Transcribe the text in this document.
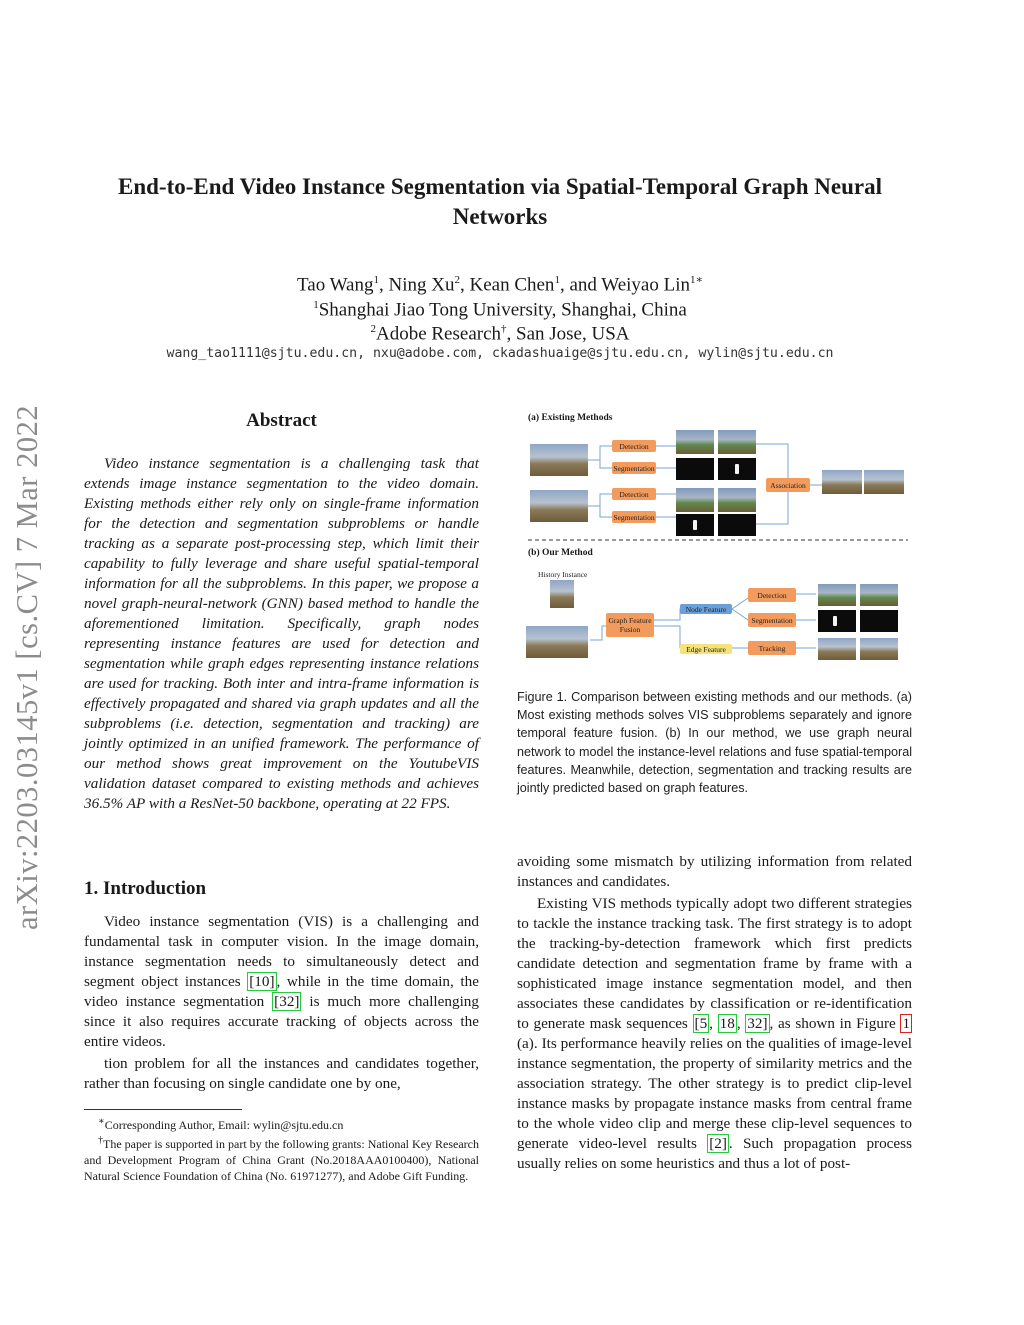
arXiv:2203.03145v1 [cs.CV] 7 Mar 2022
End-to-End Video Instance Segmentation via Spatial-Temporal Graph Neural Networks
Tao Wang$^1$, Ning Xu$^2$, Kean Chen$^1$, and Weiyao Lin$^{1∗}$
$^1$Shanghai Jiao Tong University, Shanghai, China
$^2$Adobe Research†, San Jose, USA
wang_tao1111@sjtu.edu.cn, nxu@adobe.com, ckadashuaige@sjtu.edu.cn, wylin@sjtu.edu.cn
Abstract

Video instance segmentation is a challenging task that extends image instance segmentation to the video domain. Existing methods either rely only on single-frame information for the detection and segmentation subproblems or handle tracking as a separate post-processing step, which limit their capability to fully leverage and share useful spatial-temporal information for all the subproblems. In this paper, we propose a novel graph-neural-network (GNN) based method to handle the aforementioned limitation. Specifically, graph nodes representing instance features are used for detection and segmentation while graph edges representing instance relations are used for tracking. Both inter and intra-frame information is effectively propagated and shared via graph updates and all the subproblems (i.e. detection, segmentation and tracking) are jointly optimized in an unified framework. The performance of our method shows great improvement on the YoutubeVIS validation dataset compared to existing methods and achieves 36.5% AP with a ResNet-50 backbone, operating at 22 FPS.

1. Introduction

Video instance segmentation (VIS) is a challenging and fundamental task in computer vision. In the image domain, instance segmentation needs to simultaneously detect and segment object instances [10] , while in the time domain, the video instance segmentation [32] is much more challenging since it also requires accurate tracking of objects across the entire videos.

tion problem for all the instances and candidates together, rather than focusing on single candidate one by one,

∗Corresponding Author, Email: wylin@sjtu.edu.cn

†The paper is supported in part by the following grants: National Key Research and Development Program of China Grant (No.2018AAA0100400), National Natural Science Foundation of China (No. 61971277), and Adobe Gift Funding.

(a) Existing Methods
Detection
Segmentation
Detection
Segmentation
Association
(b) Our Method
History Instance
Graph Feature Fusion
Node Feature
Edge Feature
Detection
Segmentation
Tracking
Figure 1. Comparison between existing methods and our methods. (a) Most existing methods solves VIS subproblems separately and ignore temporal feature fusion. (b) In our method, we use graph neural network to model the instance-level relations and fuse spatial-temporal features. Meanwhile, detection, segmentation and tracking results are jointly predicted based on graph features.

avoiding some mismatch by utilizing information from related instances and candidates.

Existing VIS methods typically adopt two different strategies to tackle the instance tracking task. The first strategy is to adopt the tracking-by-detection framework which first predicts candidate detection and segmentation frame by frame with a sophisticated image instance segmentation model, and then associates these candidates by classification or re-identification to generate mask sequences [5 , 18 , 32] , as shown in Figure 1 (a). Its performance heavily relies on the qualities of image-level instance segmentation, the property of similarity metrics and the association strategy. The other strategy is to predict clip-level instance masks by propagate instance masks from central frame to the whole video clip and merge these clip-level sequences to generate video-level results [2] . Such propagation process usually relies on some heuristics and thus a lot of post-
